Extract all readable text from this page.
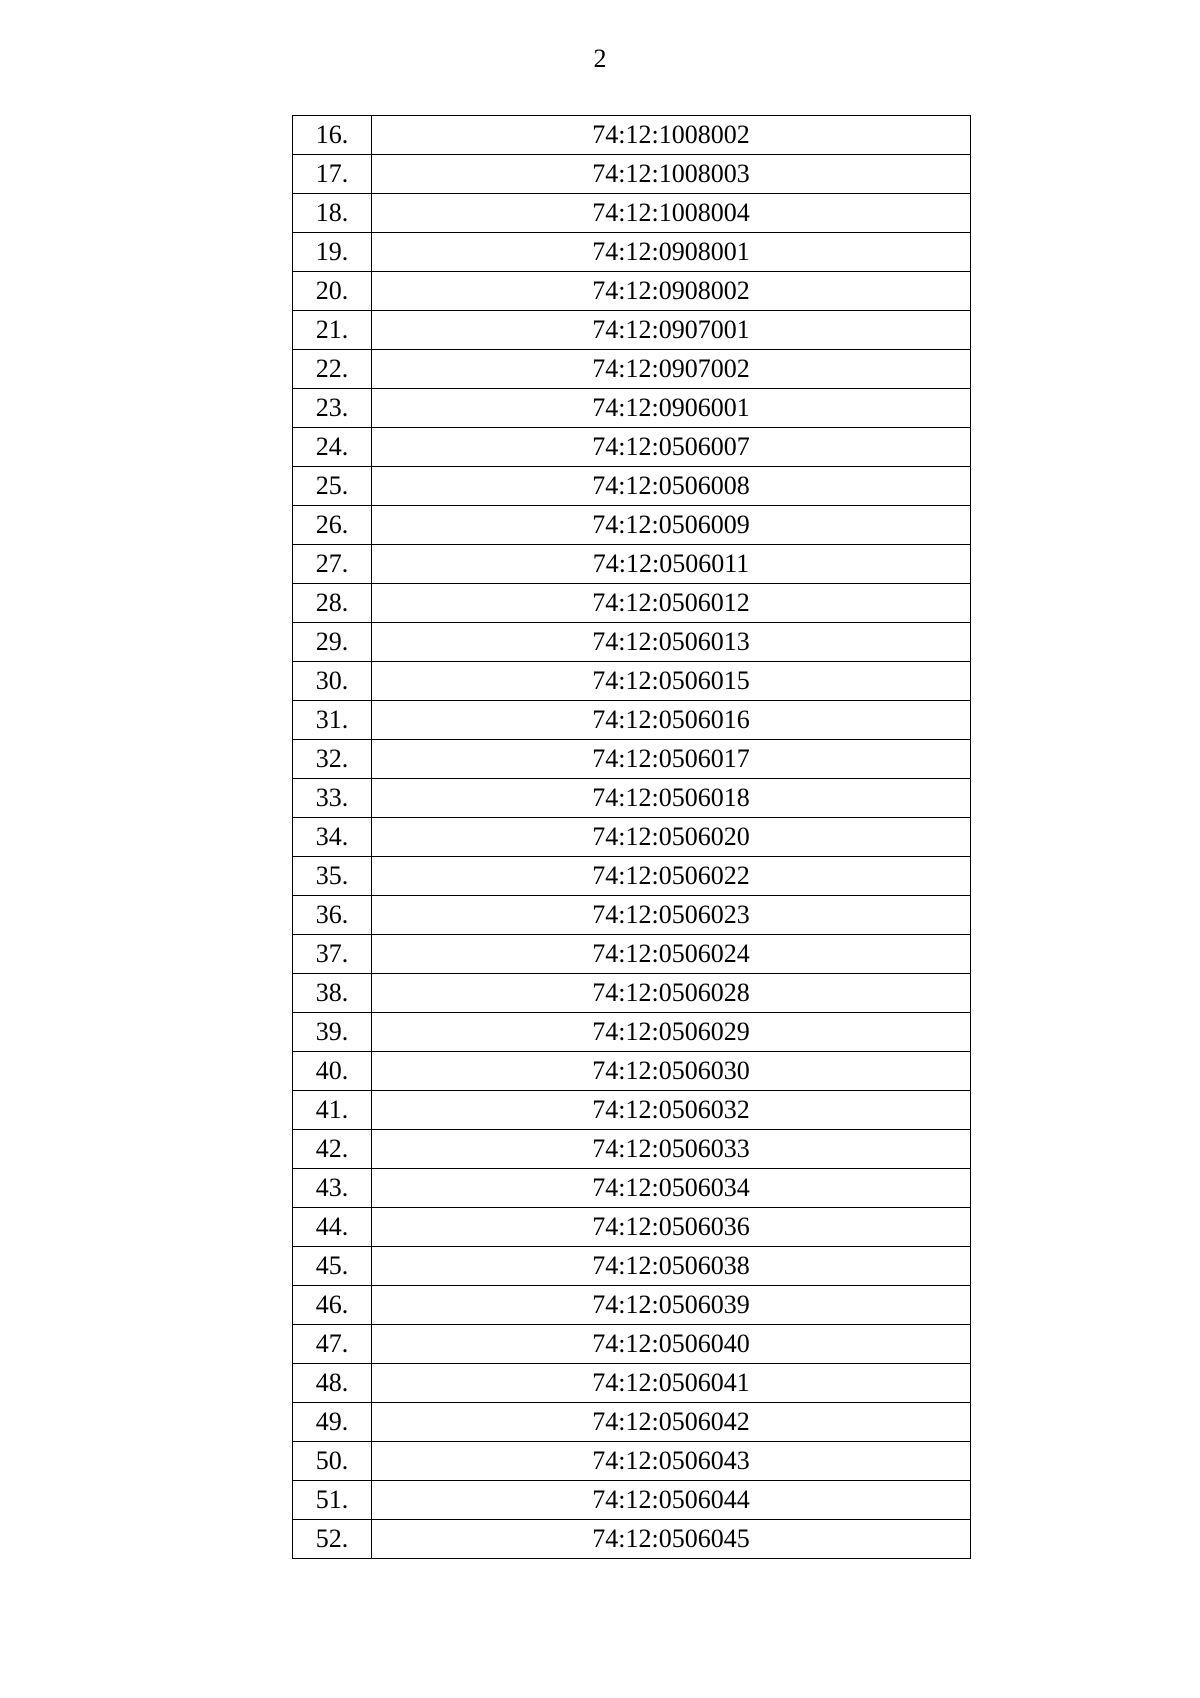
2
16.	74:12:1008002
17.	74:12:1008003
18.	74:12:1008004
19.	74:12:0908001
20.	74:12:0908002
21.	74:12:0907001
22.	74:12:0907002
23.	74:12:0906001
24.	74:12:0506007
25.	74:12:0506008
26.	74:12:0506009
27.	74:12:0506011
28.	74:12:0506012
29.	74:12:0506013
30.	74:12:0506015
31.	74:12:0506016
32.	74:12:0506017
33.	74:12:0506018
34.	74:12:0506020
35.	74:12:0506022
36.	74:12:0506023
37.	74:12:0506024
38.	74:12:0506028
39.	74:12:0506029
40.	74:12:0506030
41.	74:12:0506032
42.	74:12:0506033
43.	74:12:0506034
44.	74:12:0506036
45.	74:12:0506038
46.	74:12:0506039
47.	74:12:0506040
48.	74:12:0506041
49.	74:12:0506042
50.	74:12:0506043
51.	74:12:0506044
52.	74:12:0506045
